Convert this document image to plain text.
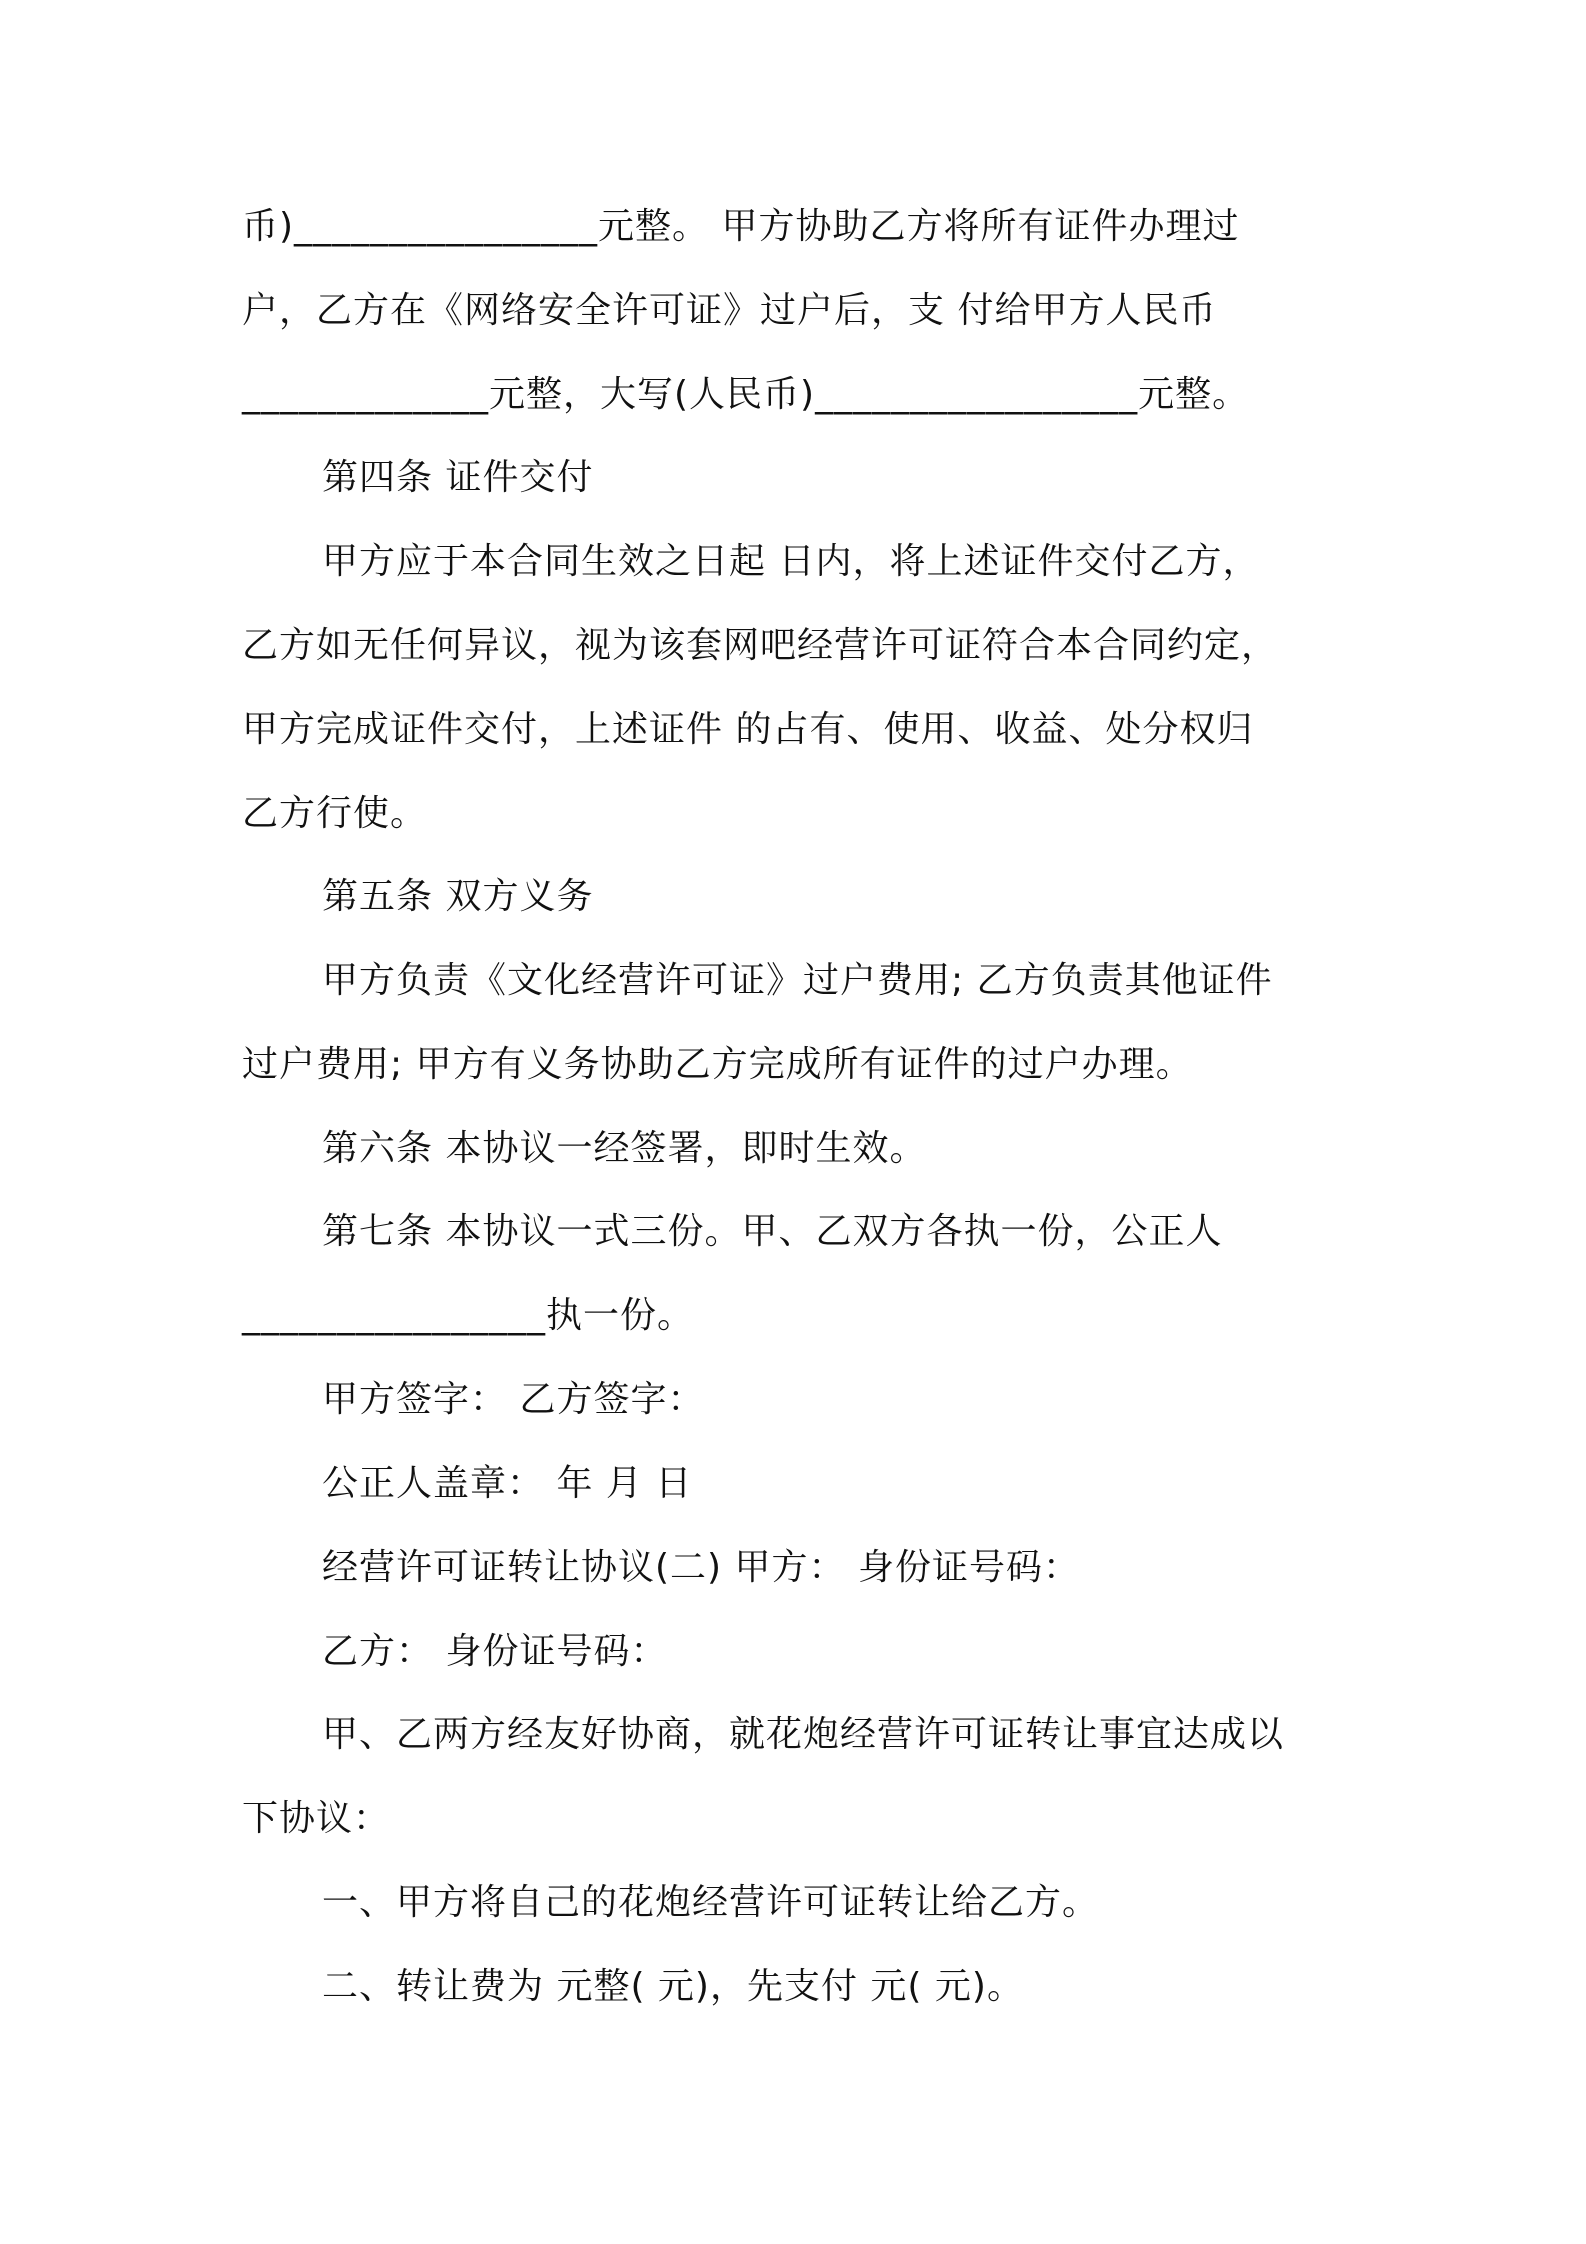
币)________________元整。 甲方协助乙方将所有证件办理过
户，乙方在《网络安全许可证》过户后，支 付给甲方人民币
_____________元整，大写(人民币)_________________元整。
第四条 证件交付
甲方应于本合同生效之日起 日内，将上述证件交付乙方，
乙方如无任何异议，视为该套网吧经营许可证符合本合同约定，
甲方完成证件交付，上述证件 的占有、使用、收益、处分权归
乙方行使。
第五条 双方义务
甲方负责《文化经营许可证》过户费用; 乙方负责其他证件
过户费用; 甲方有义务协助乙方完成所有证件的过户办理。
第六条 本协议一经签署，即时生效。
第七条 本协议一式三份。甲、乙双方各执一份，公正人
________________执一份。
甲方签字： 乙方签字：
公正人盖章： 年 月 日
经营许可证转让协议(二) 甲方： 身份证号码：
乙方： 身份证号码：
甲、乙两方经友好协商，就花炮经营许可证转让事宜达成以
下协议：
一、甲方将自己的花炮经营许可证转让给乙方。
二、转让费为 元整( 元)，先支付 元( 元)。
